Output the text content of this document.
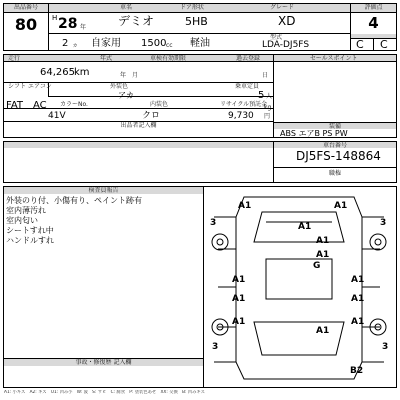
出品番号	車名	ドア形状	グレード	評価点
80	H 28 年	デミオ	5HB	XD	4
2 ヵ 自家用 1500 cc 軽油
型式
LDA-DJ5FS	C C
走行	年式	車検有効期限	過去登録	セールスポイント
64,265 km	年　月	日
シフト エアコン	外装色	乗車定員
FAT AC
アカ	5 人
kg
カラーNo.	内装色	リサイクル預託金
41V	クロ	9,730 円
出品者記入欄	装備
ABS エアB PS PW
車台番号
DJ5FS-148864
職権
検査員報告
外装のり付、小傷有り、ペイント跡有
室内薄汚れ
室内匂い
シートすれ中
ハンドルすれ
事故・修復歴 記入欄
A1	A1
3	3
A1
A1
A1
G
A1	A1
A1	A1
A1	A1
A1
3	3
B2
A1: 小キズ　A2: キズ　U1: 凹み小　W: 波　S: サビ　C: 腐食　P: 塗装色あせ　XX: 交換　B: 凹みキズ
